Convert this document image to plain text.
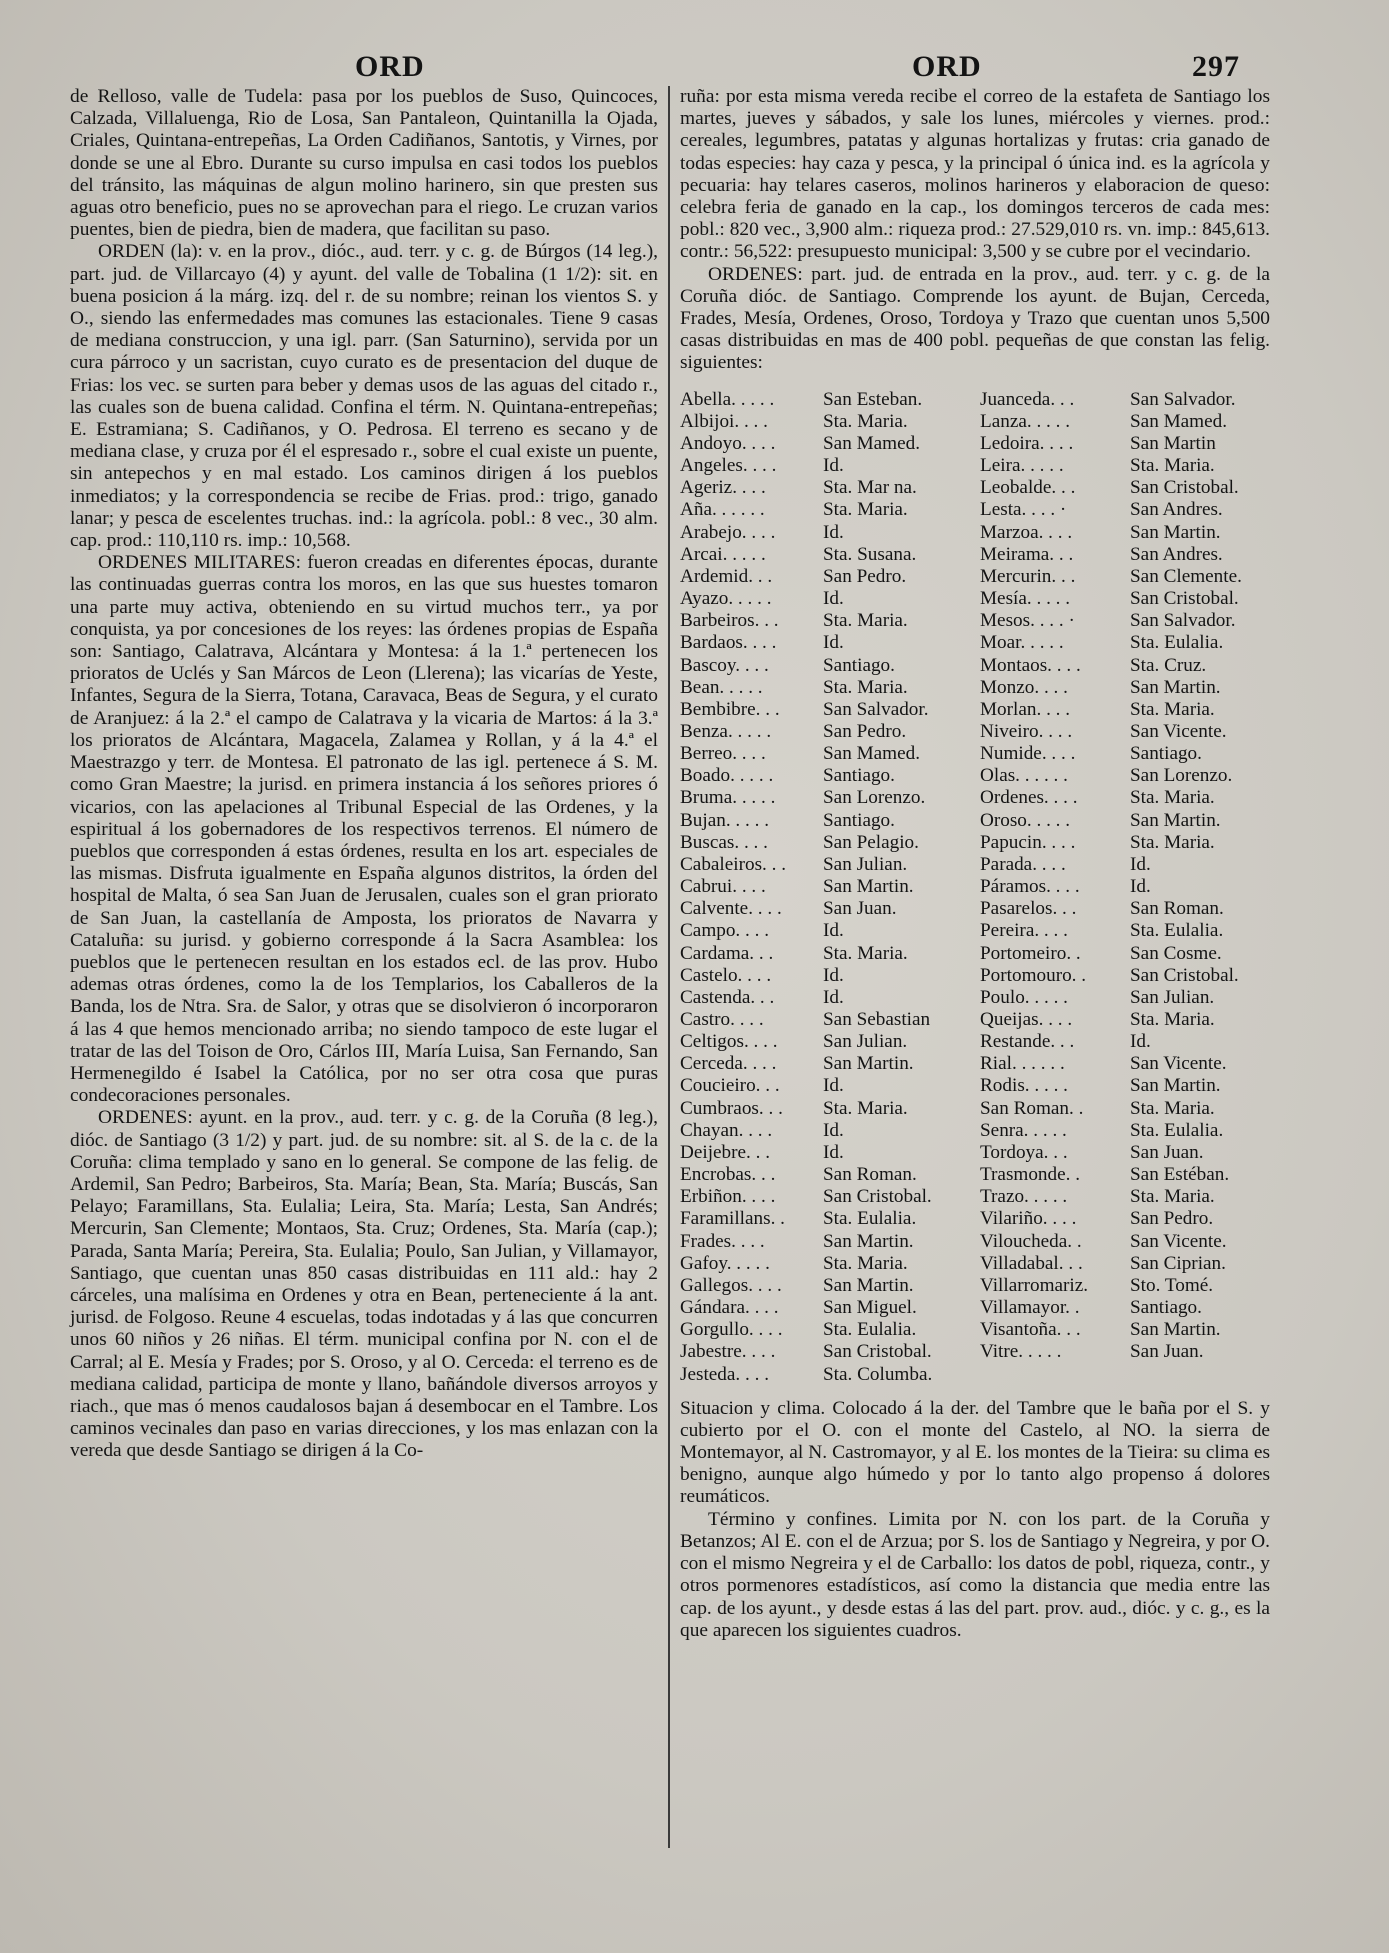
ORD	ORD	297

de Relloso, valle de Tudela: pasa por los pueblos de Suso, Quincoces, Calzada, Villaluenga, Rio de Losa, San Pantaleon, Quintanilla la Ojada, Criales, Quintana-entrepeñas, La Orden Cadiñanos, Santotis, y Virnes, por donde se une al Ebro. Durante su curso impulsa en casi todos los pueblos del tránsito, las máquinas de algun molino harinero, sin que presten sus aguas otro beneficio, pues no se aprovechan para el riego. Le cruzan varios puentes, bien de piedra, bien de madera, que facilitan su paso.

ORDEN (la): v. en la prov., dióc., aud. terr. y c. g. de Búrgos (14 leg.), part. jud. de Villarcayo (4) y ayunt. del valle de Tobalina (1 1/2): sit. en buena posicion á la márg. izq. del r. de su nombre; reinan los vientos S. y O., siendo las enfermedades mas comunes las estacionales. Tiene 9 casas de mediana construccion, y una igl. parr. (San Saturnino), servida por un cura párroco y un sacristan, cuyo curato es de presentacion del duque de Frias: los vec. se surten para beber y demas usos de las aguas del citado r., las cuales son de buena calidad. Confina el térm. N. Quintana-entrepeñas; E. Estramiana; S. Cadiñanos, y O. Pedrosa. El terreno es secano y de mediana clase, y cruza por él el espresado r., sobre el cual existe un puente, sin antepechos y en mal estado. Los caminos dirigen á los pueblos inmediatos; y la correspondencia se recibe de Frias. prod.: trigo, ganado lanar; y pesca de escelentes truchas. ind.: la agrícola. pobl.: 8 vec., 30 alm. cap. prod.: 110,110 rs. imp.: 10,568.

ORDENES MILITARES: fueron creadas en diferentes épocas, durante las continuadas guerras contra los moros, en las que sus huestes tomaron una parte muy activa, obteniendo en su virtud muchos terr., ya por conquista, ya por concesiones de los reyes: las órdenes propias de España son: Santiago, Calatrava, Alcántara y Montesa: á la 1.ª pertenecen los prioratos de Uclés y San Márcos de Leon (Llerena); las vicarías de Yeste, Infantes, Segura de la Sierra, Totana, Caravaca, Beas de Segura, y el curato de Aranjuez: á la 2.ª el campo de Calatrava y la vicaria de Martos: á la 3.ª los prioratos de Alcántara, Magacela, Zalamea y Rollan, y á la 4.ª el Maestrazgo y terr. de Montesa. El patronato de las igl. pertenece á S. M. como Gran Maestre; la jurisd. en primera instancia á los señores priores ó vicarios, con las apelaciones al Tribunal Especial de las Ordenes, y la espiritual á los gobernadores de los respectivos terrenos. El número de pueblos que corresponden á estas órdenes, resulta en los art. especiales de las mismas. Disfruta igualmente en España algunos distritos, la órden del hospital de Malta, ó sea San Juan de Jerusalen, cuales son el gran priorato de San Juan, la castellanía de Amposta, los prioratos de Navarra y Cataluña: su jurisd. y gobierno corresponde á la Sacra Asamblea: los pueblos que le pertenecen resultan en los estados ecl. de las prov. Hubo ademas otras órdenes, como la de los Templarios, los Caballeros de la Banda, los de Ntra. Sra. de Salor, y otras que se disolvieron ó incorporaron á las 4 que hemos mencionado arriba; no siendo tampoco de este lugar el tratar de las del Toison de Oro, Cárlos III, María Luisa, San Fernando, San Hermenegildo é Isabel la Católica, por no ser otra cosa que puras condecoraciones personales.

ORDENES: ayunt. en la prov., aud. terr. y c. g. de la Coruña (8 leg.), dióc. de Santiago (3 1/2) y part. jud. de su nombre: sit. al S. de la c. de la Coruña: clima templado y sano en lo general. Se compone de las felig. de Ardemil, San Pedro; Barbeiros, Sta. María; Bean, Sta. María; Buscás, San Pelayo; Faramillans, Sta. Eulalia; Leira, Sta. María; Lesta, San Andrés; Mercurin, San Clemente; Montaos, Sta. Cruz; Ordenes, Sta. María (cap.); Parada, Santa María; Pereira, Sta. Eulalia; Poulo, San Julian, y Villamayor, Santiago, que cuentan unas 850 casas distribuidas en 111 ald.: hay 2 cárceles, una malísima en Ordenes y otra en Bean, perteneciente á la ant. jurisd. de Folgoso. Reune 4 escuelas, todas indotadas y á las que concurren unos 60 niños y 26 niñas. El térm. municipal confina por N. con el de Carral; al E. Mesía y Frades; por S. Oroso, y al O. Cerceda: el terreno es de mediana calidad, participa de monte y llano, bañándole diversos arroyos y riach., que mas ó menos caudalosos bajan á desembocar en el Tambre. Los caminos vecinales dan paso en varias direcciones, y los mas enlazan con la vereda que desde Santiago se dirigen á la Co-

ruña: por esta misma vereda recibe el correo de la estafeta de Santiago los martes, jueves y sábados, y sale los lunes, miércoles y viernes. prod.: cereales, legumbres, patatas y algunas hortalizas y frutas: cria ganado de todas especies: hay caza y pesca, y la principal ó única ind. es la agrícola y pecuaria: hay telares caseros, molinos harineros y elaboracion de queso: celebra feria de ganado en la cap., los domingos terceros de cada mes: pobl.: 820 vec., 3,900 alm.: riqueza prod.: 27.529,010 rs. vn. imp.: 845,613. contr.: 56,522: presupuesto municipal: 3,500 y se cubre por el vecindario.

ORDENES: part. jud. de entrada en la prov., aud. terr. y c. g. de la Coruña dióc. de Santiago. Comprende los ayunt. de Bujan, Cerceda, Frades, Mesía, Ordenes, Oroso, Tordoya y Trazo que cuentan unos 5,500 casas distribuidas en mas de 400 pobl. pequeñas de que constan las felig. siguientes:

Abella. . . . .	San Esteban.
Albijoi. . . .	Sta. Maria.
Andoyo. . . .	San Mamed.
Angeles. . . .	Id.
Ageriz. . . .	Sta. Mar na.
Aña. . . . . .	Sta. Maria.
Arabejo. . . .	Id.
Arcai. . . . .	Sta. Susana.
Ardemid. . .	San Pedro.
Ayazo. . . . .	Id.
Barbeiros. . .	Sta. Maria.
Bardaos. . . .	Id.
Bascoy. . . .	Santiago.
Bean. . . . .	Sta. Maria.
Bembibre. . .	San Salvador.
Benza. . . . .	San Pedro.
Berreo. . . .	San Mamed.
Boado. . . . .	Santiago.
Bruma. . . . .	San Lorenzo.
Bujan. . . . .	Santiago.
Buscas. . . .	San Pelagio.
Cabaleiros. . .	San Julian.
Cabrui. . . .	San Martin.
Calvente. . . .	San Juan.
Campo. . . .	Id.
Cardama. . .	Sta. Maria.
Castelo. . . .	Id.
Castenda. . .	Id.
Castro. . . .	San Sebastian
Celtigos. . . .	San Julian.
Cerceda. . . .	San Martin.
Coucieiro. . .	Id.
Cumbraos. . .	Sta. Maria.
Chayan. . . .	Id.
Deijebre. . .	Id.
Encrobas. . .	San Roman.
Erbiñon. . . .	San Cristobal.
Faramillans. .	Sta. Eulalia.
Frades. . . .	San Martin.
Gafoy. . . . .	Sta. Maria.
Gallegos. . . .	San Martin.
Gándara. . . .	San Miguel.
Gorgullo. . . .	Sta. Eulalia.
Jabestre. . . .	San Cristobal.
Jesteda. . . .	Sta. Columba.
Juanceda. . .	San Salvador.
Lanza. . . . .	San Mamed.
Ledoira. . . .	San Martin
Leira. . . . .	Sta. Maria.
Leobalde. . .	San Cristobal.
Lesta. . . . ·	San Andres.
Marzoa. . . .	San Martin.
Meirama. . .	San Andres.
Mercurin. . .	San Clemente.
Mesía. . . . .	San Cristobal.
Mesos. . . . ·	San Salvador.
Moar. . . . .	Sta. Eulalia.
Montaos. . . .	Sta. Cruz.
Monzo. . . .	San Martin.
Morlan. . . .	Sta. Maria.
Niveiro. . . .	San Vicente.
Numide. . . .	Santiago.
Olas. . . . . .	San Lorenzo.
Ordenes. . . .	Sta. Maria.
Oroso. . . . .	San Martin.
Papucin. . . .	Sta. Maria.
Parada. . . .	Id.
Páramos. . . .	Id.
Pasarelos. . .	San Roman.
Pereira. . . .	Sta. Eulalia.
Portomeiro. .	San Cosme.
Portomouro. .	San Cristobal.
Poulo. . . . .	San Julian.
Queijas. . . .	Sta. Maria.
Restande. . .	Id.
Rial. . . . . .	San Vicente.
Rodis. . . . .	San Martin.
San Roman. .	Sta. Maria.
Senra. . . . .	Sta. Eulalia.
Tordoya. . .	San Juan.
Trasmonde. .	San Estéban.
Trazo. . . . .	Sta. Maria.
Vilariño. . . .	San Pedro.
Viloucheda. .	San Vicente.
Villadabal. . .	San Ciprian.
Villarromariz.	Sto. Tomé.
Villamayor. .	Santiago.
Visantoña. . .	San Martin.
Vitre. . . . .	San Juan.

Situacion y clima. Colocado á la der. del Tambre que le baña por el S. y cubierto por el O. con el monte del Castelo, al NO. la sierra de Montemayor, al N. Castromayor, y al E. los montes de la Tieira: su clima es benigno, aunque algo húmedo y por lo tanto algo propenso á dolores reumáticos.

Término y confines. Limita por N. con los part. de la Coruña y Betanzos; Al E. con el de Arzua; por S. los de Santiago y Negreira, y por O. con el mismo Negreira y el de Carballo: los datos de pobl, riqueza, contr., y otros pormenores estadísticos, así como la distancia que media entre las cap. de los ayunt., y desde estas á las del part. prov. aud., dióc. y c. g., es la que aparecen los siguientes cuadros.
